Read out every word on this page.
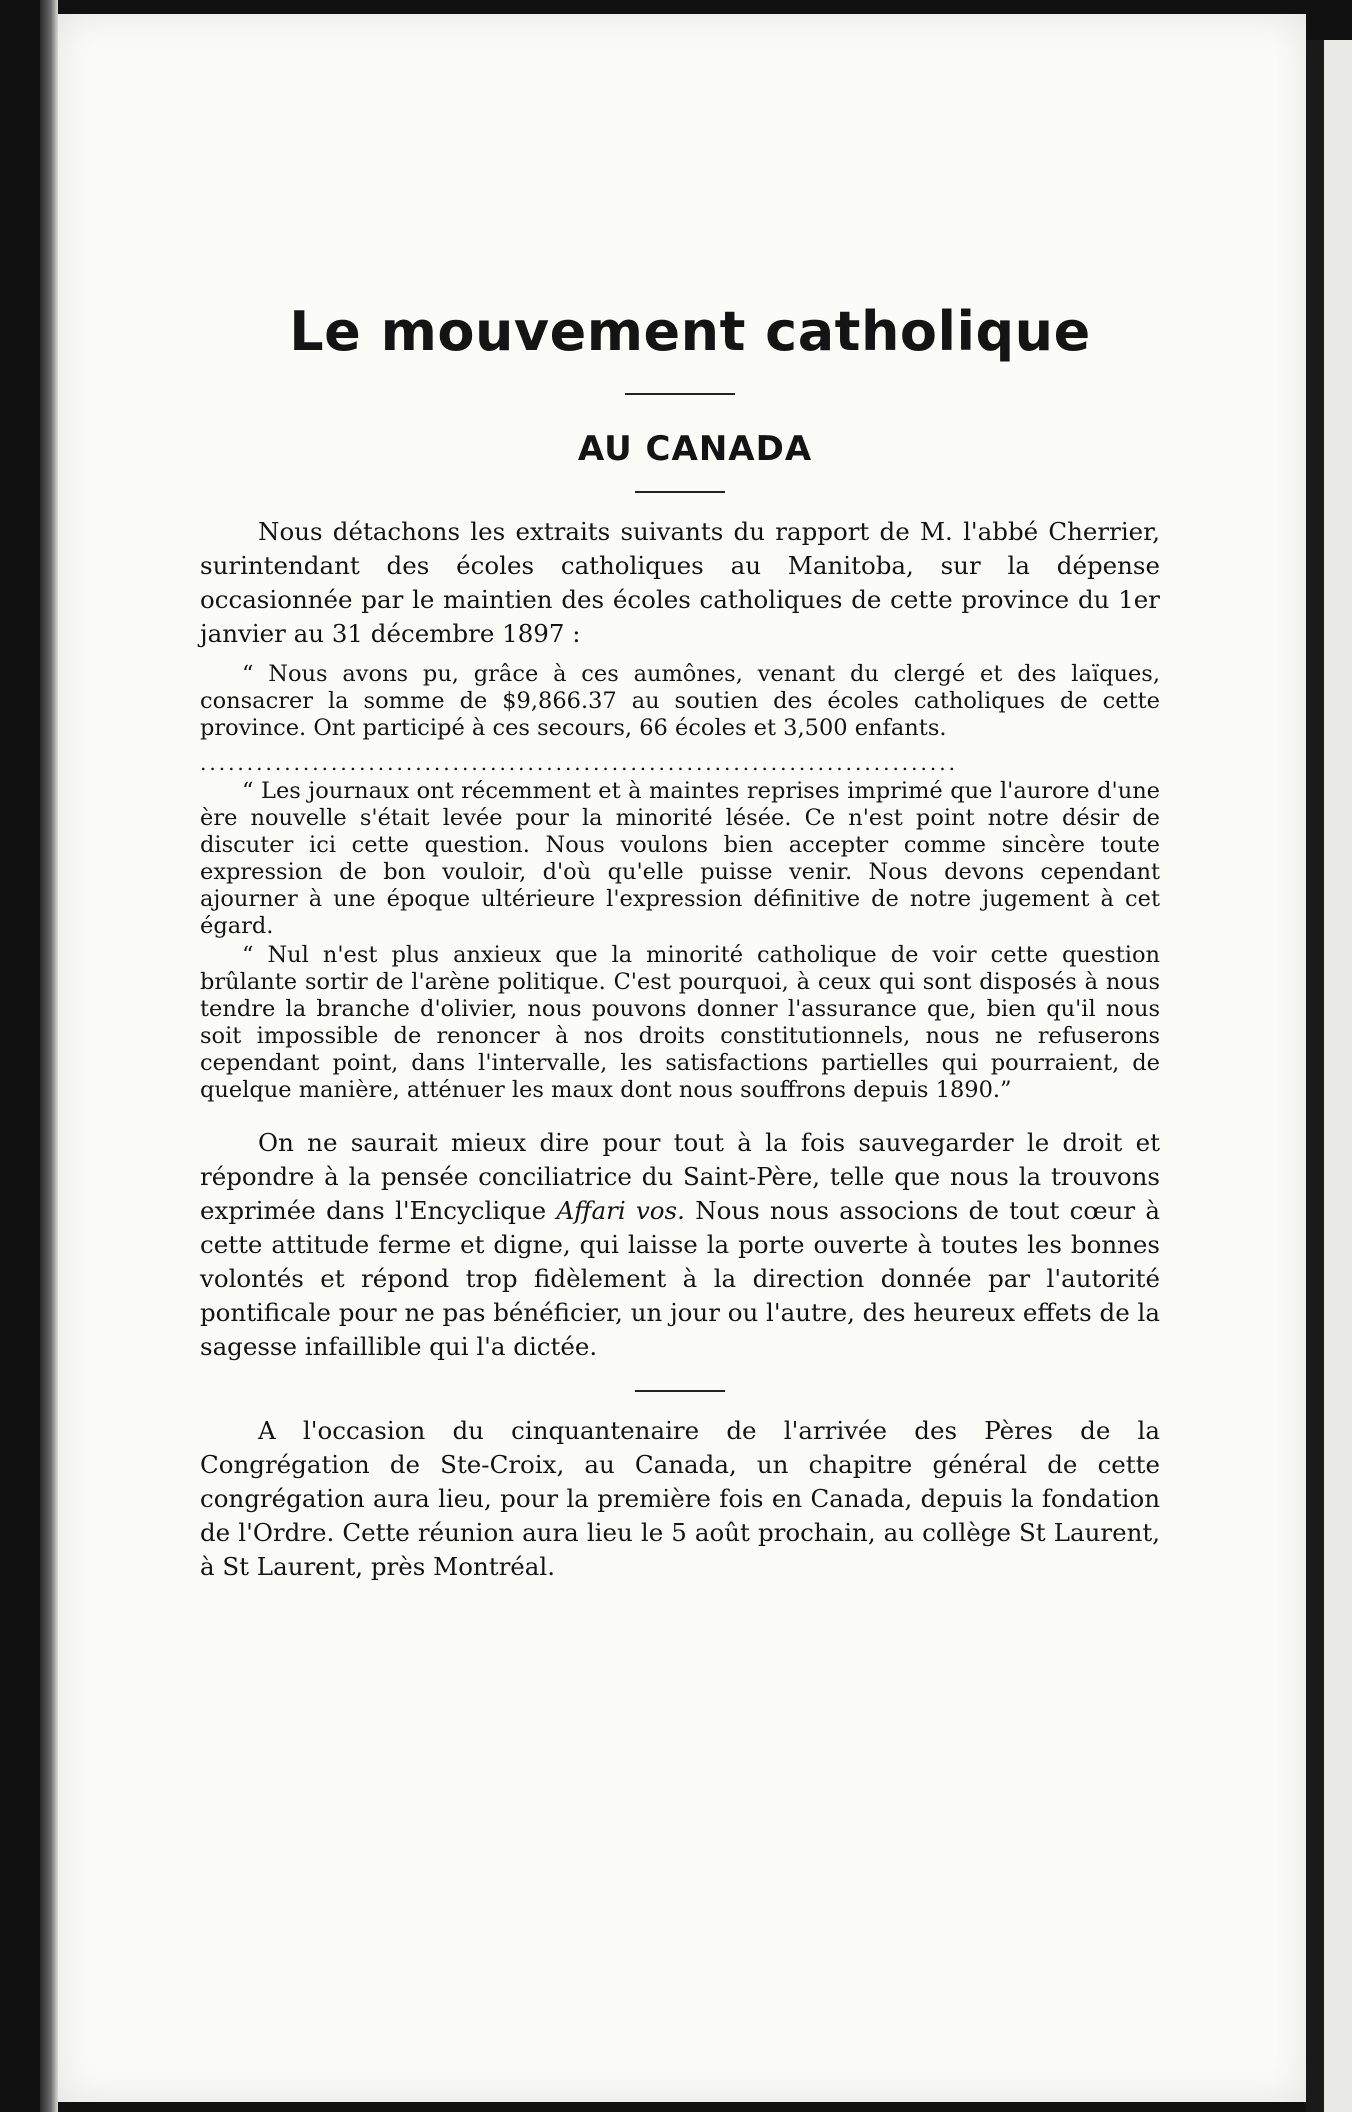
Le mouvement catholique
AU CANADA

Nous détachons les extraits suivants du rapport de M. l'abbé Cherrier, surintendant des écoles catholiques au Manitoba, sur la dépense occasionnée par le maintien des écoles catholiques de cette province du 1er janvier au 31 décembre 1897 :

“ Nous avons pu, grâce à ces aumônes, venant du clergé et des laïques, consacrer la somme de $9,866.37 au soutien des écoles catholiques de cette province. Ont participé à ces secours, 66 écoles et 3,500 enfants.

.................................................................................

“ Les journaux ont récemment et à maintes reprises imprimé que l'aurore d'une ère nouvelle s'était levée pour la minorité lésée. Ce n'est point notre désir de discuter ici cette question. Nous voulons bien accepter comme sincère toute expression de bon vouloir, d'où qu'elle puisse venir. Nous devons cependant ajourner à une époque ultérieure l'expression définitive de notre jugement à cet égard.

“ Nul n'est plus anxieux que la minorité catholique de voir cette question brûlante sortir de l'arène politique. C'est pourquoi, à ceux qui sont disposés à nous tendre la branche d'olivier, nous pouvons donner l'assurance que, bien qu'il nous soit impossible de renoncer à nos droits constitutionnels, nous ne refuserons cependant point, dans l'intervalle, les satisfactions partielles qui pourraient, de quelque manière, atténuer les maux dont nous souffrons depuis 1890.”

On ne saurait mieux dire pour tout à la fois sauvegarder le droit et répondre à la pensée conciliatrice du Saint-Père, telle que nous la trouvons exprimée dans l'Encyclique Affari vos. Nous nous associons de tout cœur à cette attitude ferme et digne, qui laisse la porte ouverte à toutes les bonnes volontés et répond trop fidèlement à la direction donnée par l'autorité pontificale pour ne pas bénéficier, un jour ou l'autre, des heureux effets de la sagesse infaillible qui l'a dictée.

A l'occasion du cinquantenaire de l'arrivée des Pères de la Congrégation de Ste-Croix, au Canada, un chapitre général de cette congrégation aura lieu, pour la première fois en Canada, depuis la fondation de l'Ordre. Cette réunion aura lieu le 5 août prochain, au collège St Laurent, à St Laurent, près Montréal.
